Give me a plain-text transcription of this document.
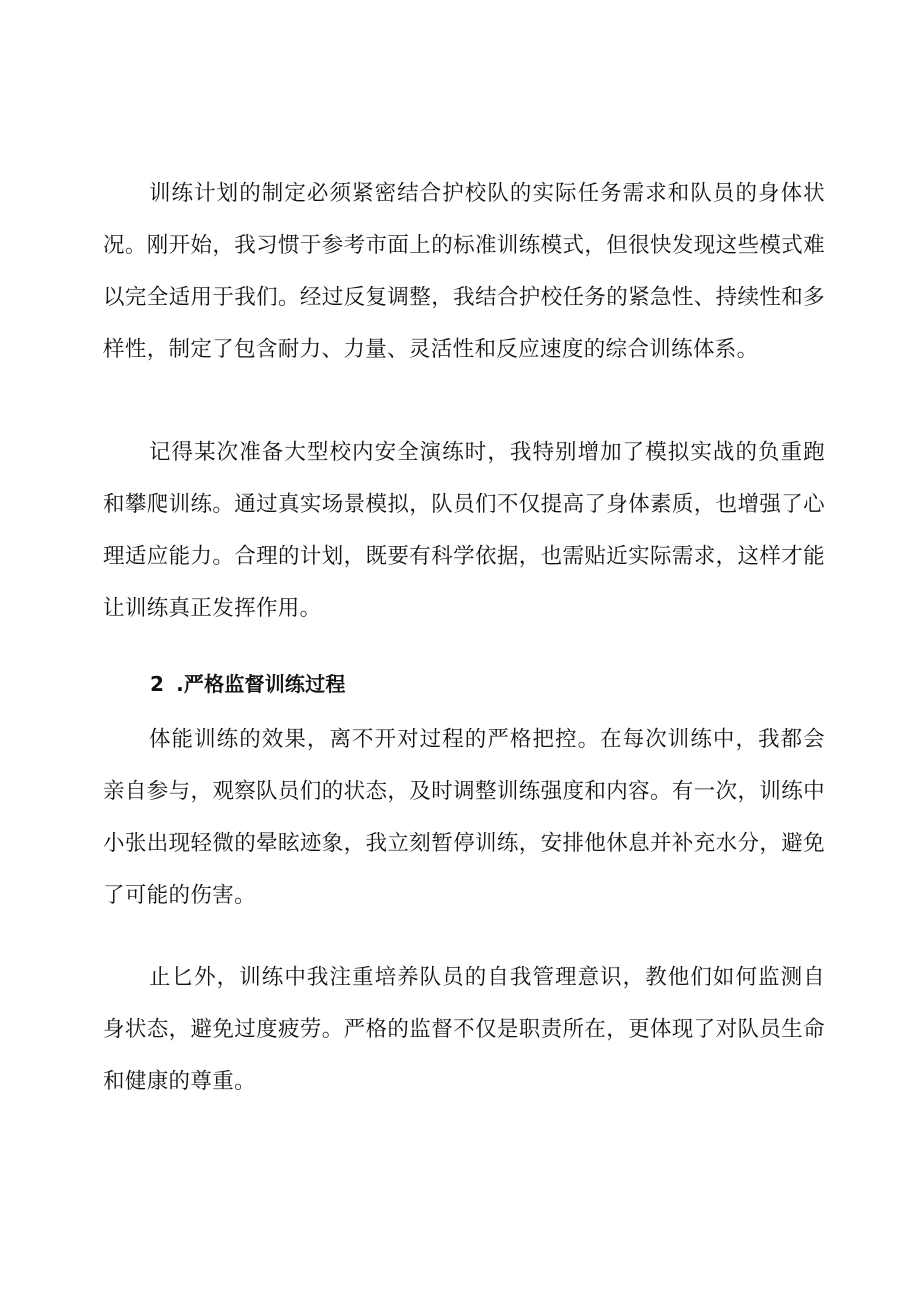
训练计划的制定必须紧密结合护校队的实际任务需求和队员的身体状况。刚开始，我习惯于参考市面上的标准训练模式，但很快发现这些模式难以完全适用于我们。经过反复调整，我结合护校任务的紧急性、持续性和多样性，制定了包含耐力、力量、灵活性和反应速度的综合训练体系。

记得某次准备大型校内安全演练时，我特别增加了模拟实战的负重跑和攀爬训练。通过真实场景模拟，队员们不仅提高了身体素质，也增强了心理适应能力。合理的计划，既要有科学依据，也需贴近实际需求，这样才能让训练真正发挥作用。

2 .严格监督训练过程

体能训练的效果，离不开对过程的严格把控。在每次训练中，我都会亲自参与，观察队员们的状态，及时调整训练强度和内容。有一次，训练中小张出现轻微的晕眩迹象，我立刻暂停训练，安排他休息并补充水分，避免了可能的伤害。

止匕外，训练中我注重培养队员的自我管理意识，教他们如何监测自身状态，避免过度疲劳。严格的监督不仅是职责所在，更体现了对队员生命和健康的尊重。
